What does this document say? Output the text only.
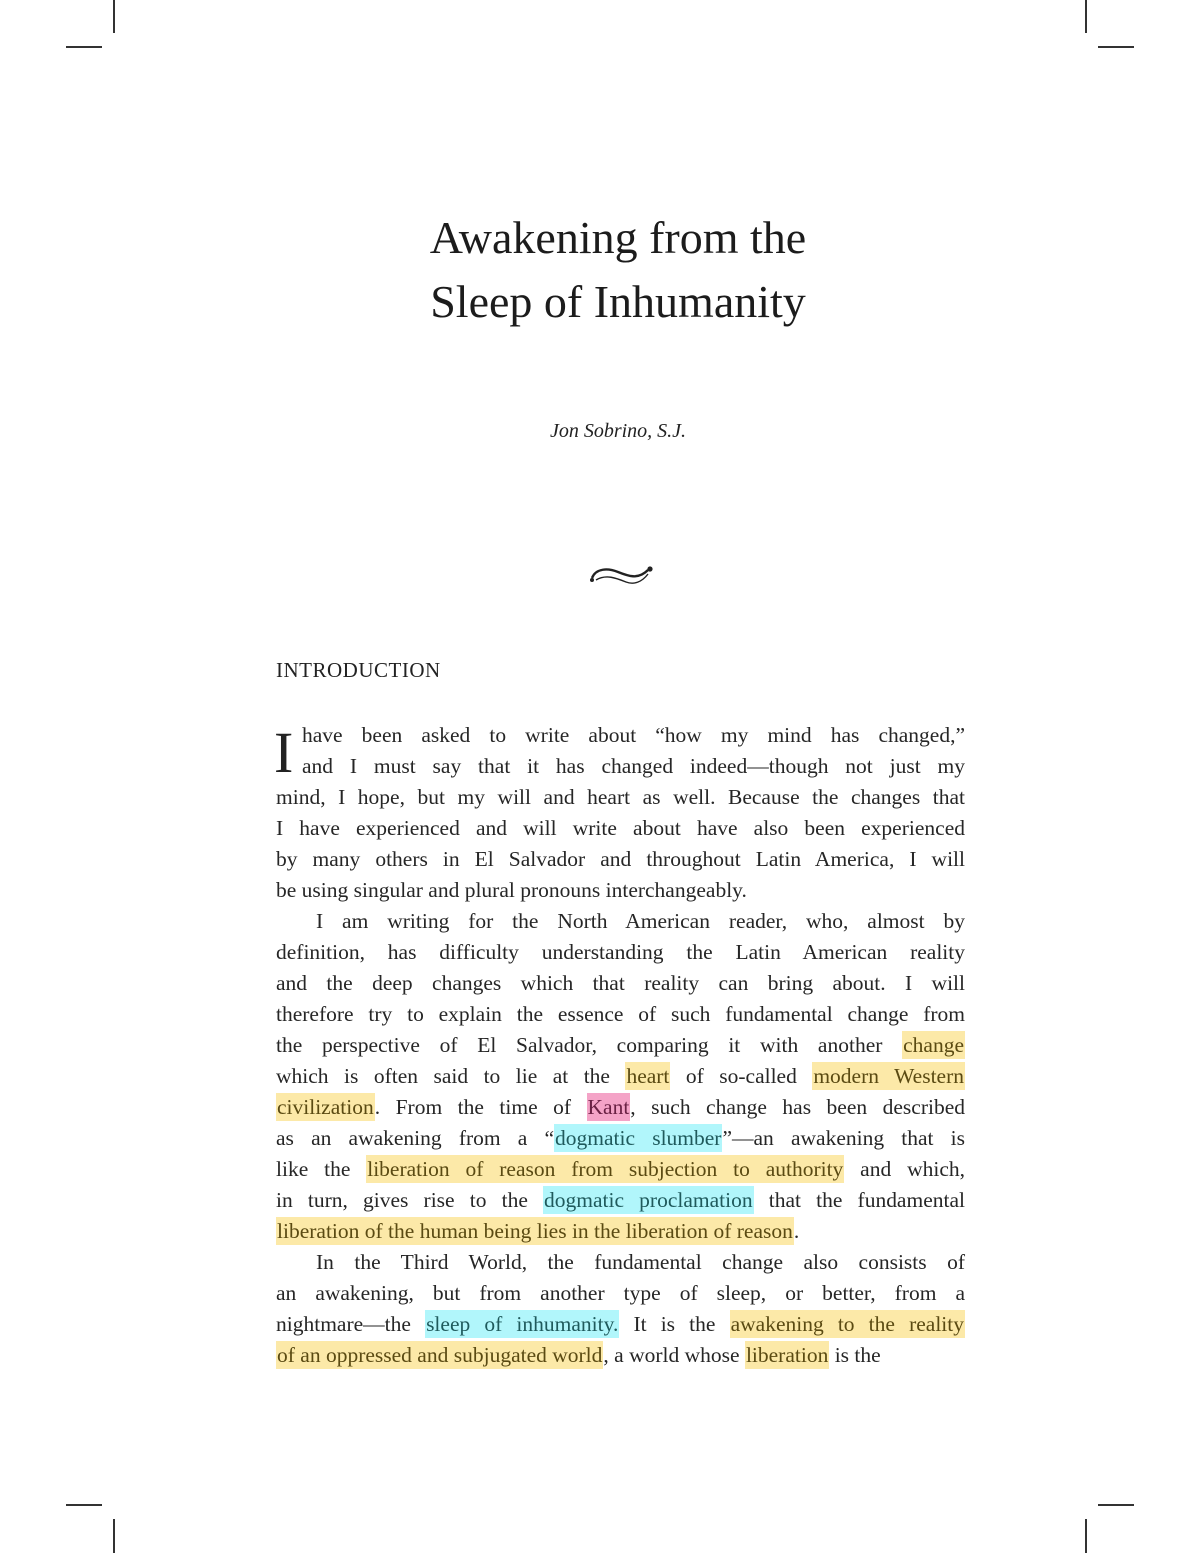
Awakening from the
Sleep of Inhumanity
Jon Sobrino, S.J.
INTRODUCTION
I have been asked to write about “how my mind has changed,”
and I must say that it has changed indeed—though not just my
mind, I hope, but my will and heart as well. Because the changes that
I have experienced and will write about have also been experienced
by many others in El Salvador and throughout Latin America, I will
be using singular and plural pronouns interchangeably.
I am writing for the North American reader, who, almost by
definition, has difficulty understanding the Latin American reality
and the deep changes which that reality can bring about. I will
therefore try to explain the essence of such fundamental change from
the perspective of El Salvador, comparing it with another change
which is often said to lie at the heart of so-called modern Western
civilization. From the time of Kant, such change has been described
as an awakening from a “dogmatic slumber”—an awakening that is
like the liberation of reason from subjection to authority and which,
in turn, gives rise to the dogmatic proclamation that the fundamental
liberation of the human being lies in the liberation of reason.
In the Third World, the fundamental change also consists of
an awakening, but from another type of sleep, or better, from a
nightmare—the sleep of inhumanity. It is the awakening to the reality
of an oppressed and subjugated world, a world whose liberation is the
